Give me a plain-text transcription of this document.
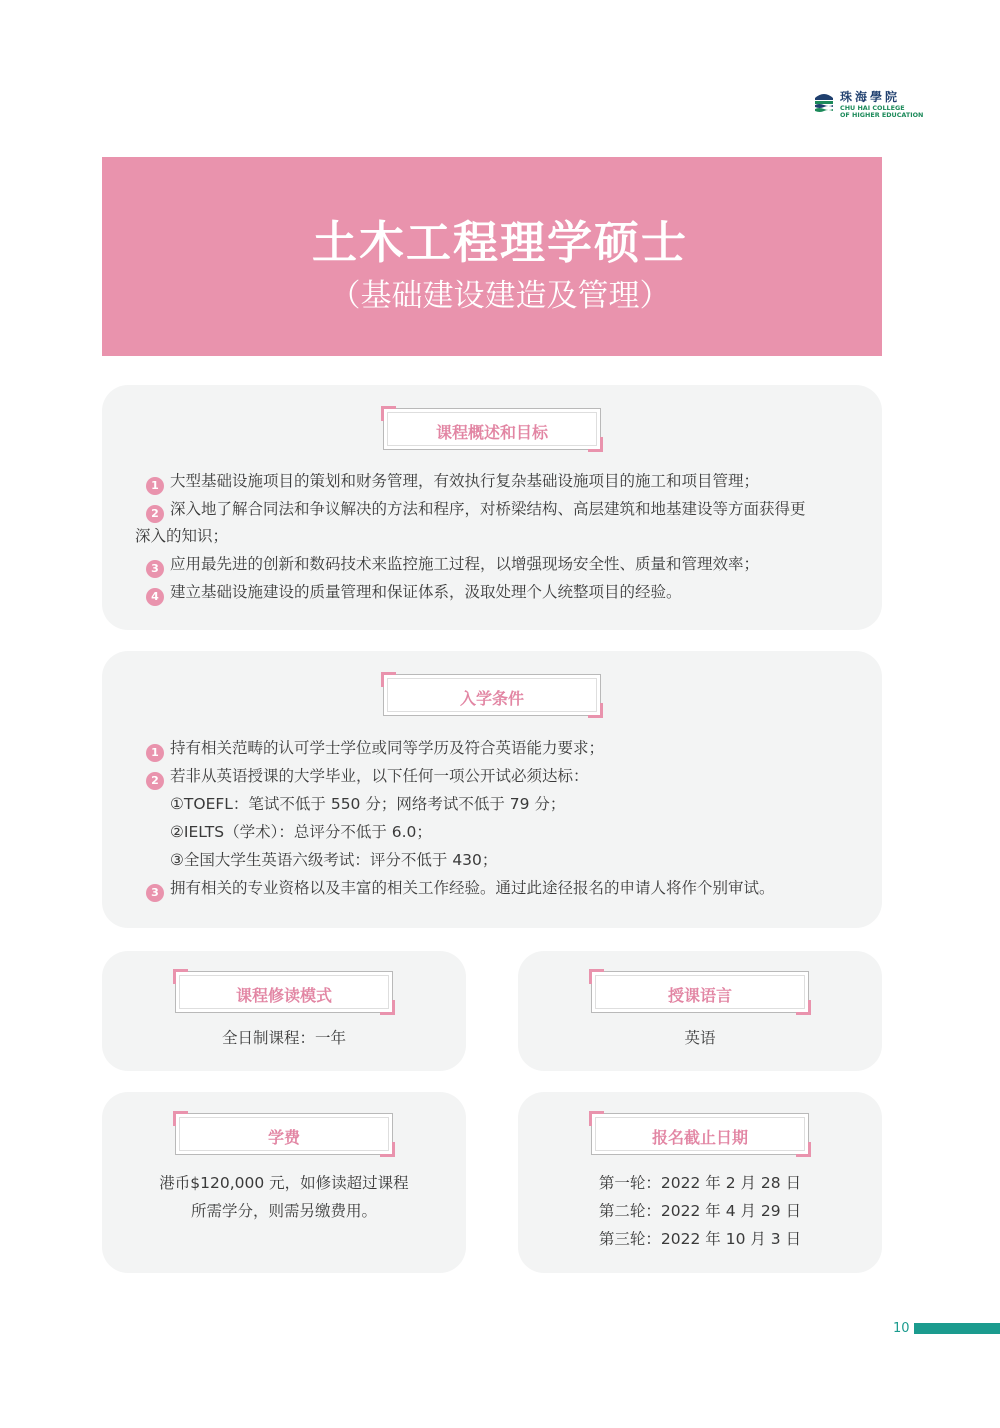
珠海學院
CHU HAI COLLEGE
OF HIGHER EDUCATION
土木工程理学硕士
（基础建设建造及管理）
课程概述和目标
1 大型基础设施项目的策划和财务管理，有效执行复杂基础设施项目的施工和项目管理；
2 深入地了解合同法和争议解决的方法和程序，对桥梁结构、高层建筑和地基建设等方面获得更
深入的知识；
3 应用最先进的创新和数码技术来监控施工过程，以增强现场安全性、质量和管理效率；
4 建立基础设施建设的质量管理和保证体系，汲取处理个人统整项目的经验。
入学条件
1 持有相关范畴的认可学士学位或同等学历及符合英语能力要求；
2 若非从英语授课的大学毕业，以下任何一项公开试必须达标：
①TOEFL：笔试不低于 550 分；网络考试不低于 79 分；
②IELTS（学术）：总评分不低于 6.0；
③全国大学生英语六级考试：评分不低于 430；
3 拥有相关的专业资格以及丰富的相关工作经验。通过此途径报名的申请人将作个别审试。
课程修读模式
全日制课程：一年
授课语言
英语
学费
港币$120,000 元，如修读超过课程
所需学分，则需另缴费用。
报名截止日期
第一轮：2022 年 2 月 28 日
第二轮：2022 年 4 月 29 日
第三轮：2022 年 10 月 3 日
10
